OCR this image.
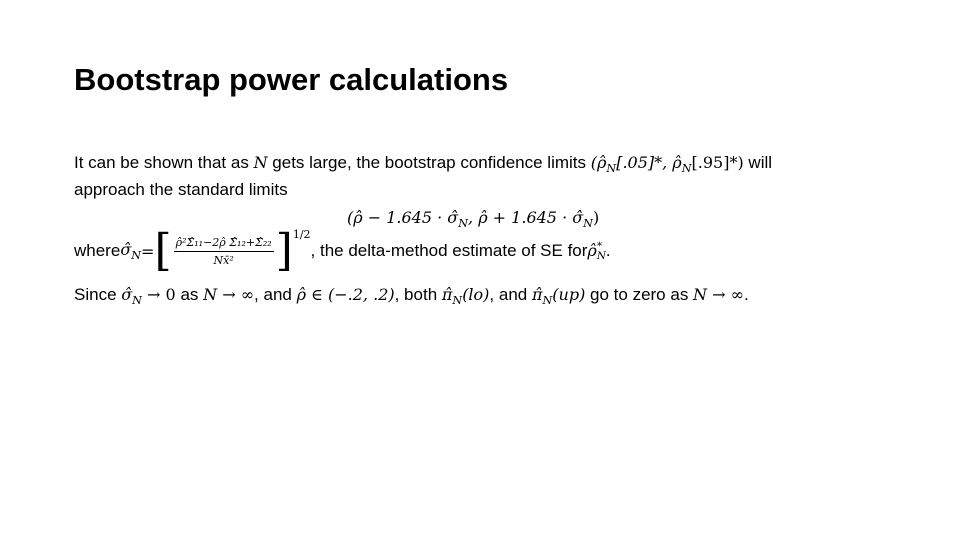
Bootstrap power calculations
It can be shown that as N gets large, the bootstrap confidence limits ($\rhô_N[.05]*$, $\rhô_N[.95]*$) will
approach the standard limits
(ρ̂ − $1.645 \cdot \sigmâ_N$, ρ̂ + $1.645 \cdot \sigmâ_N$)
where $\sigmâ_N$ = [ $\frac{\text{ρ̂²Σ̂₁₁−2ρ̂ Σ̂₁₂+Σ̂₂₂}}{\text{Nx̄²}}$ ] 1/2
, the delta-method estimate of SE for ρ̂ *
N .
Since $\sigmâ_N \to 0$ as N → ∞, and ρ̂ ∈ (−.2, .2), both $\pî_N(lo)$, and $\pî_N(up)$ go to zero as N → ∞.
